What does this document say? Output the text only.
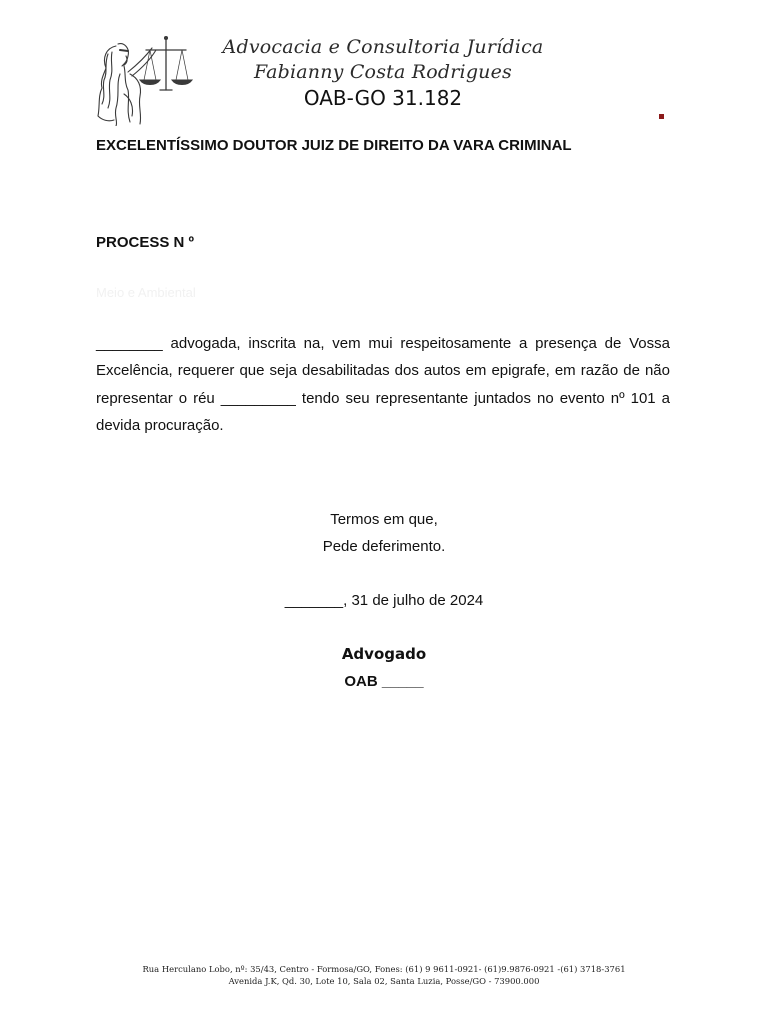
Advocacia e Consultoria Jurídica
Fabianny Costa Rodrigues
OAB-GO 31.182
EXCELENTÍSSIMO DOUTOR JUIZ DE DIREITO DA VARA CRIMINAL
PROCESS N º
Meio e Ambiental

________ advogada, inscrita na, vem mui respeitosamente a presença de Vossa Excelência, requerer que seja desabilitadas dos autos em epigrafe, em razão de não representar o réu _________ tendo seu representante juntados no evento nº 101 a devida procuração.

Termos em que,
Pede deferimento.
_______, 31 de julho de 2024
Advogado
OAB _____
Rua Herculano Lobo, nº: 35/43, Centro - Formosa/GO, Fones: (61) 9 9611-0921- (61)9.9876-0921 -(61) 3718-3761
Avenida J.K, Qd. 30, Lote 10, Sala 02, Santa Luzia, Posse/GO - 73900.000
